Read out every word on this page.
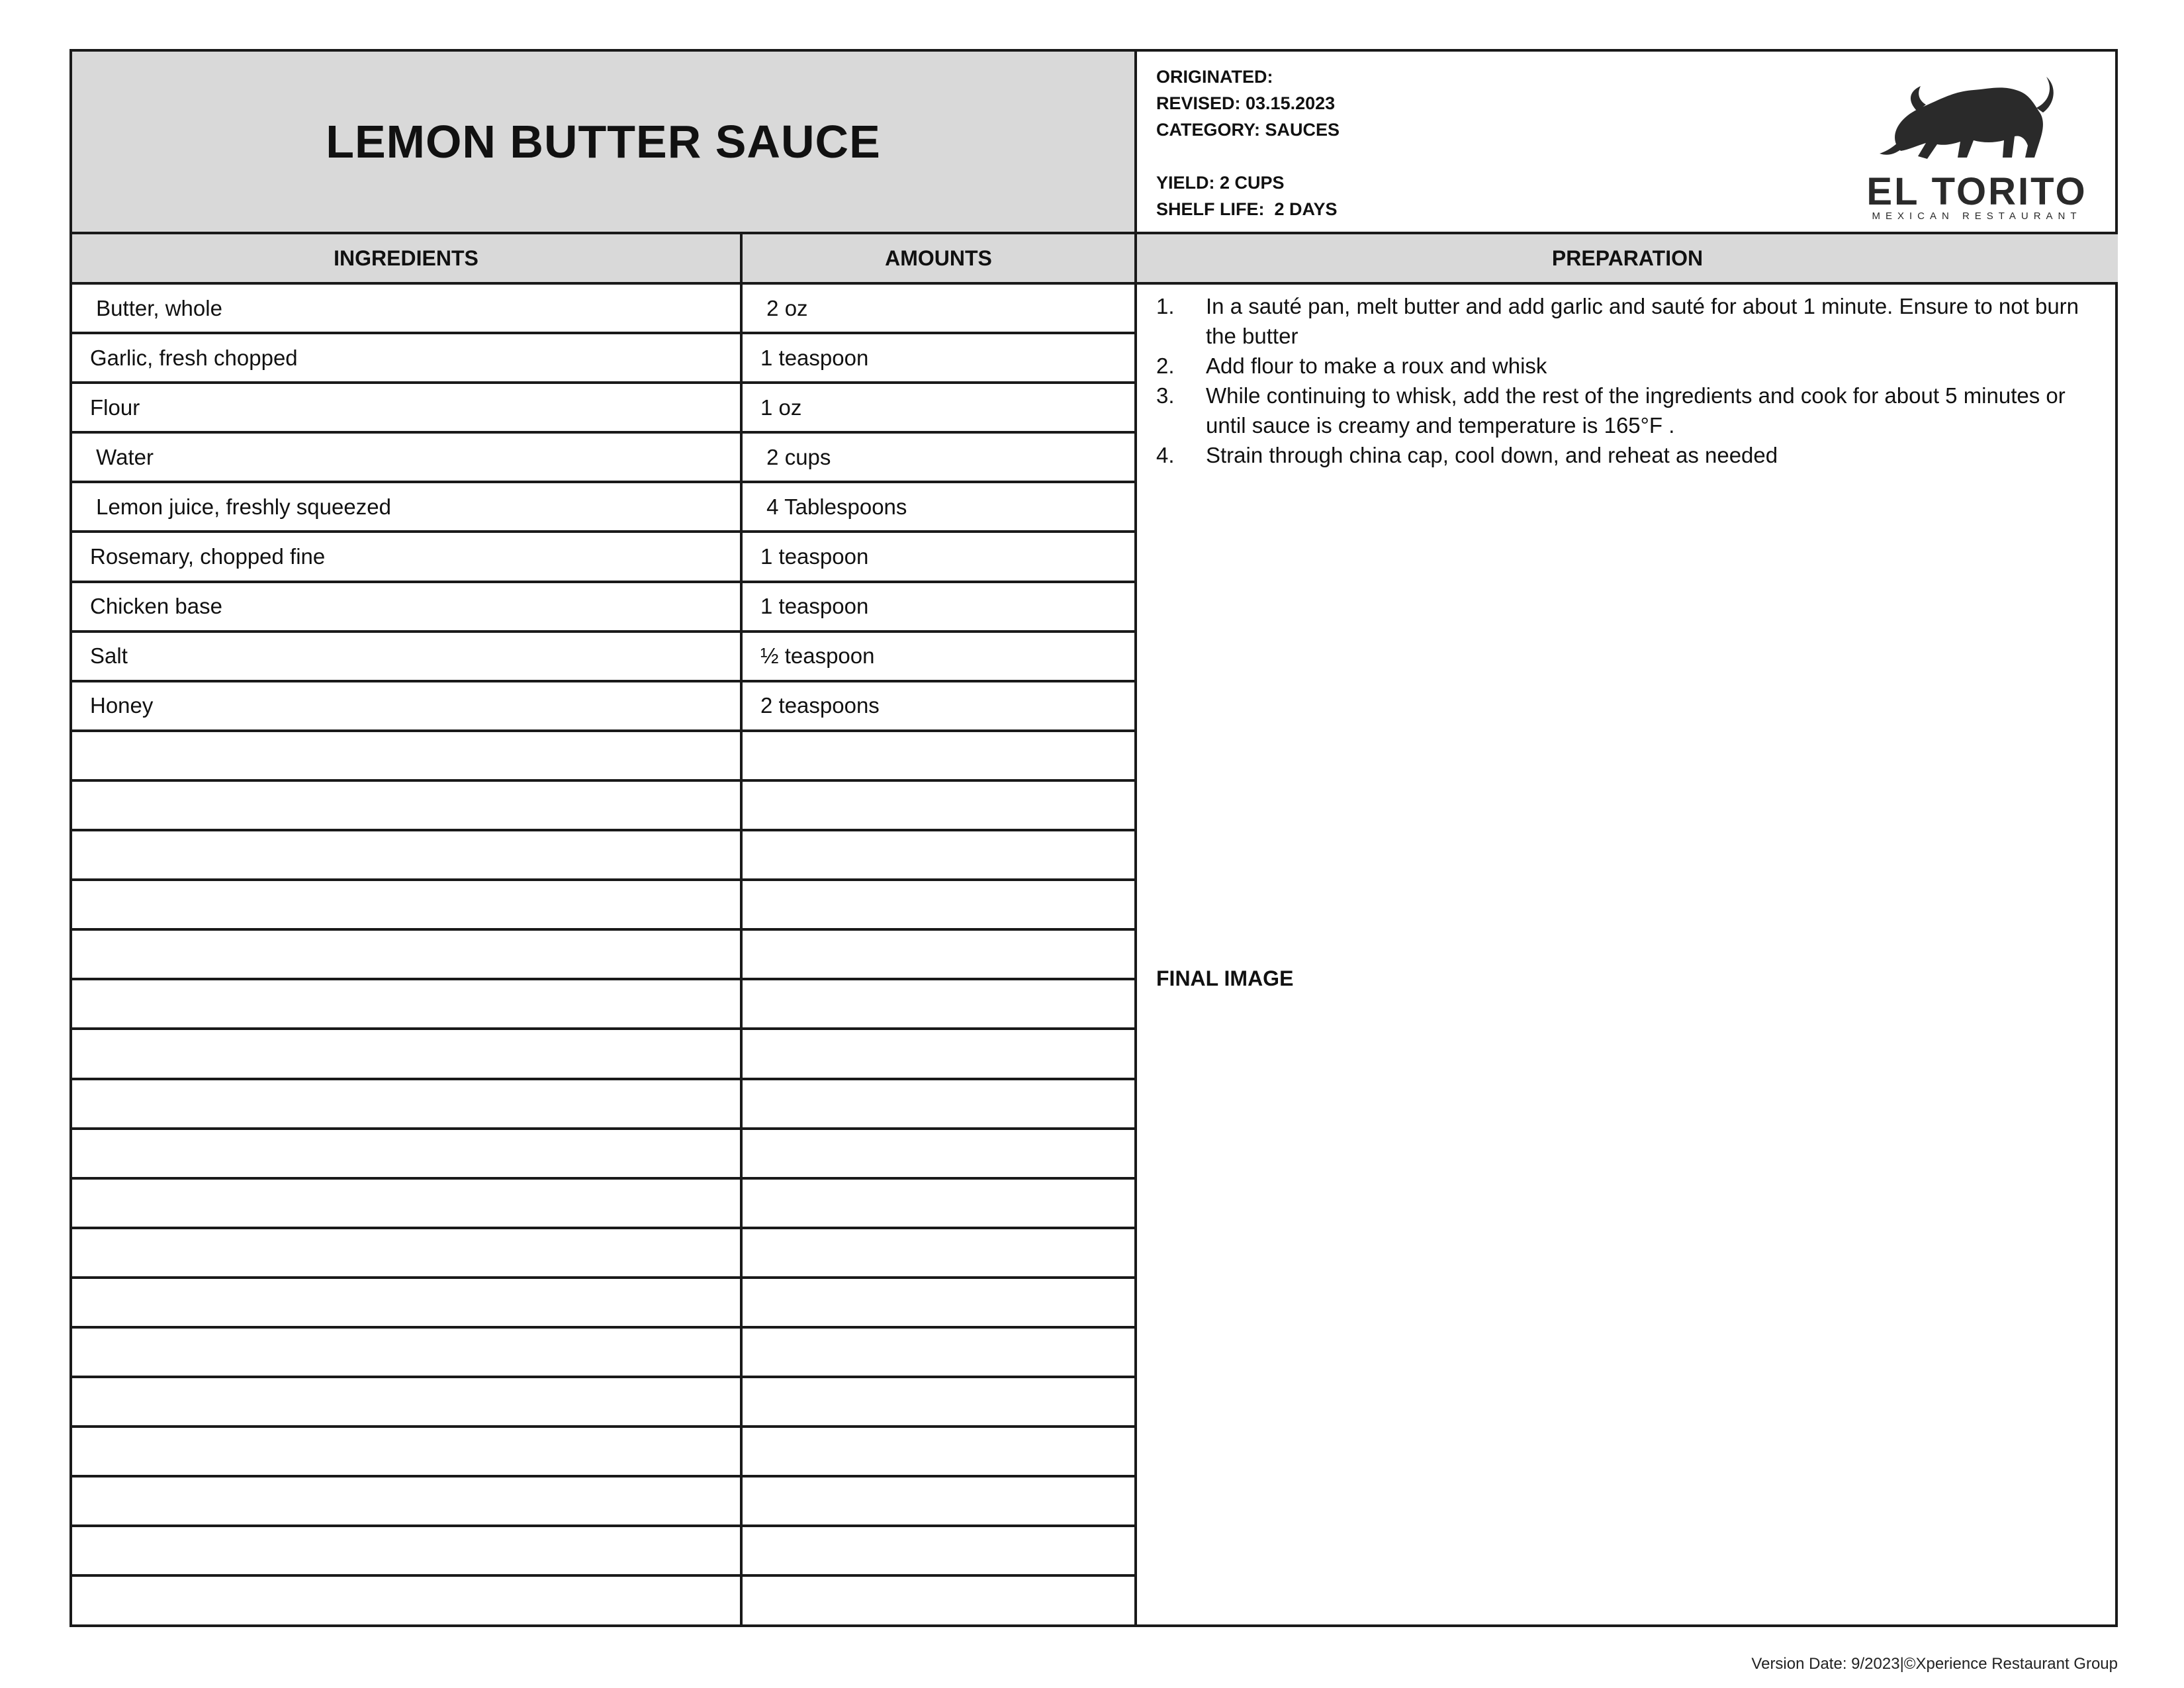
LEMON BUTTER SAUCE
ORIGINATED:
REVISED: 03.15.2023
CATEGORY: SAUCES
YIELD: 2 CUPS
SHELF LIFE:  2 DAYS	EL TORITO
MEXICAN RESTAURANT
INGREDIENTS	AMOUNTS	PREPARATION
Butter, whole	2 oz
Garlic, fresh chopped	1 teaspoon
Flour	1 oz
Water	2 cups
Lemon juice, freshly squeezed	4 Tablespoons
Rosemary, chopped fine	1 teaspoon
Chicken base	1 teaspoon
Salt	½ teaspoon
Honey	2 teaspoons
1.	In a sauté pan, melt butter and add garlic and sauté for about 1 minute. Ensure to not burn the butter
2.	Add flour to make a roux and whisk
3.	While continuing to whisk, add the rest of the ingredients and cook for about 5 minutes or until sauce is creamy and temperature is 165°F .
4.	Strain through china cap, cool down, and reheat as needed
FINAL IMAGE
Version Date: 9/2023|©Xperience Restaurant Group
